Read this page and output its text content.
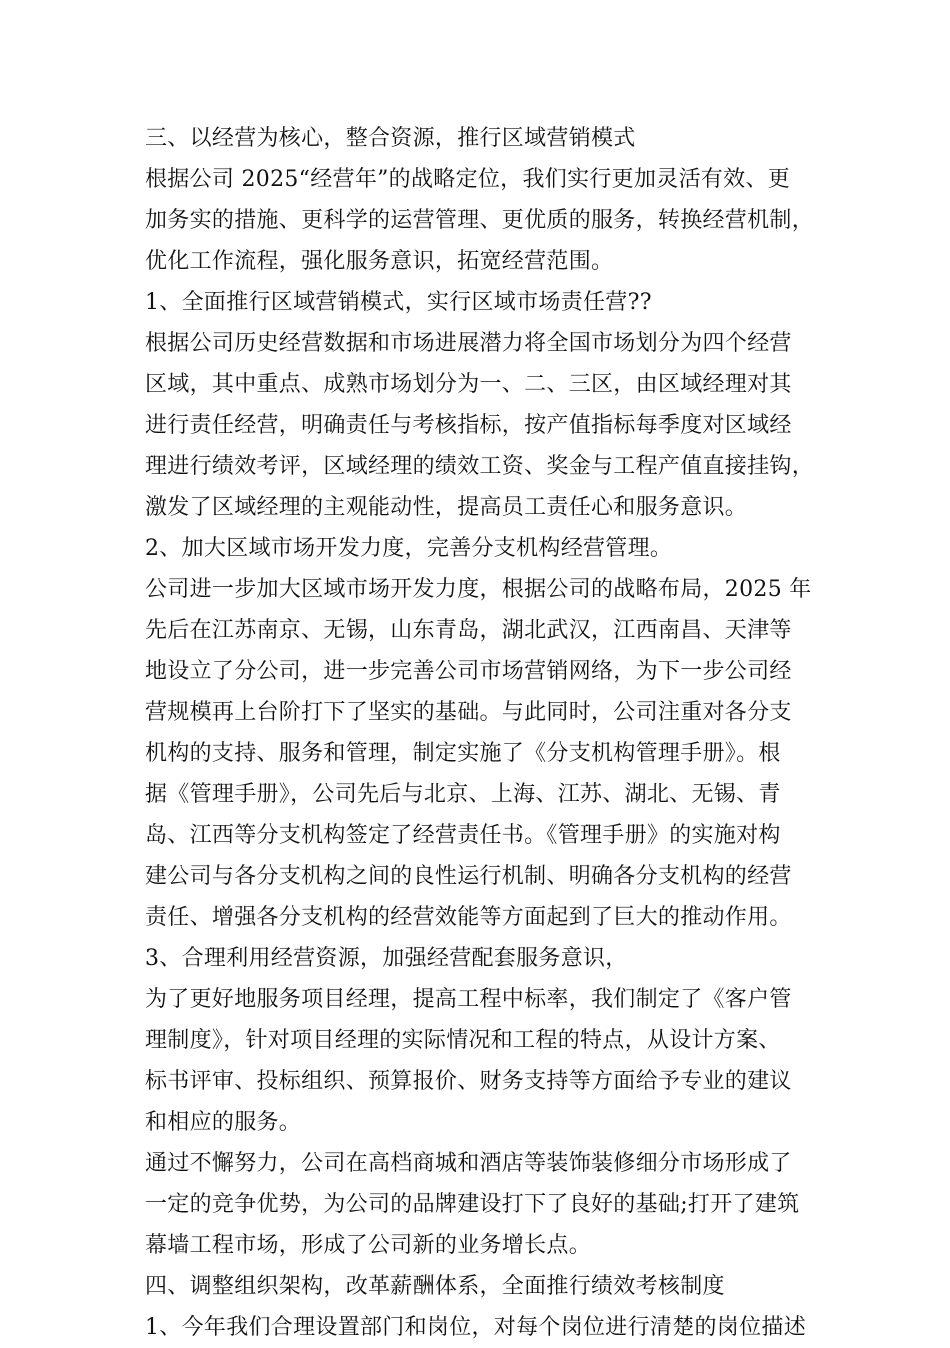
三、以经营为核心，整合资源，推行区域营销模式
根据公司 2025“经营年”的战略定位，我们实行更加灵活有效、更
加务实的措施、更科学的运营管理、更优质的服务，转换经营机制，
优化工作流程，强化服务意识，拓宽经营范围。
1、全面推行区域营销模式，实行区域市场责任营??
根据公司历史经营数据和市场进展潜力将全国市场划分为四个经营
区域，其中重点、成熟市场划分为一、二、三区，由区域经理对其
进行责任经营，明确责任与考核指标，按产值指标每季度对区域经
理进行绩效考评，区域经理的绩效工资、奖金与工程产值直接挂钩，
激发了区域经理的主观能动性，提高员工责任心和服务意识。
2、加大区域市场开发力度，完善分支机构经营管理。
公司进一步加大区域市场开发力度，根据公司的战略布局，2025 年
先后在江苏南京、无锡，山东青岛，湖北武汉，江西南昌、天津等
地设立了分公司，进一步完善公司市场营销网络，为下一步公司经
营规模再上台阶打下了坚实的基础。与此同时，公司注重对各分支
机构的支持、服务和管理，制定实施了《分支机构管理手册》。根
据《管理手册》，公司先后与北京、上海、江苏、湖北、无锡、青
岛、江西等分支机构签定了经营责任书。《管理手册》的实施对构
建公司与各分支机构之间的良性运行机制、明确各分支机构的经营
责任、增强各分支机构的经营效能等方面起到了巨大的推动作用。
3、合理利用经营资源，加强经营配套服务意识，
为了更好地服务项目经理，提高工程中标率，我们制定了《客户管
理制度》，针对项目经理的实际情况和工程的特点，从设计方案、
标书评审、投标组织、预算报价、财务支持等方面给予专业的建议
和相应的服务。
通过不懈努力，公司在高档商城和酒店等装饰装修细分市场形成了
一定的竞争优势，为公司的品牌建设打下了良好的基础;打开了建筑
幕墙工程市场，形成了公司新的业务增长点。
四、调整组织架构，改革薪酬体系，全面推行绩效考核制度
1、今年我们合理设置部门和岗位，对每个岗位进行清楚的岗位描述
